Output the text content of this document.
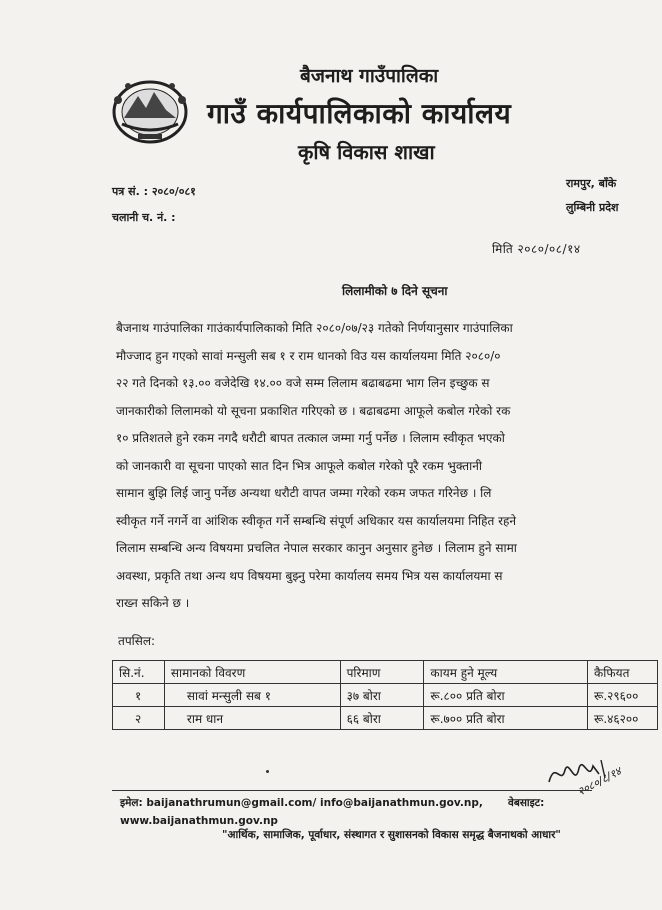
बैजनाथ गाउँपालिका
गाउँ कार्यपालिकाको कार्यालय
कृषि विकास शाखा
पत्र सं. : २०८०/०८१
चलानी च. नं. :
रामपुर, बाँके
लुम्बिनी प्रदेश
मिति २०८०/०८/१४
लिलामीको ७ दिने सूचना
बैजनाथ गाउंपालिका गाउंकार्यपालिकाको मिति २०८०/०७/२३ गतेको निर्णयानुसार गाउंपालिका
मौज्जाद हुन गएको सावां मन्सुली सब १ र राम धानको विउ यस कार्यालयमा मिति २०८०/०
२२ गते दिनको १३.०० वजेदेखि १४.०० वजे सम्म लिलाम बढाबढमा भाग लिन इच्छुक स
जानकारीको लिलामको यो सूचना प्रकाशित गरिएको छ । बढाबढमा आफूले कबोल गरेको रक
१० प्रतिशतले हुने रकम नगदै धरौटी बापत तत्काल जम्मा गर्नु पर्नेछ । लिलाम स्वीकृत भएको
को जानकारी वा सूचना पाएको सात दिन भित्र आफूले कबोल गरेको पूरै रकम भुक्तानी
सामान बुझि लिई जानु पर्नेछ अन्यथा धरौटी वापत जम्मा गरेको रकम जफत गरिनेछ । लि
स्वीकृत गर्ने नगर्ने वा आंशिक स्वीकृत गर्ने सम्बन्धि संपूर्ण अधिकार यस कार्यालयमा निहित रहने
लिलाम सम्बन्धि अन्य विषयमा प्रचलित नेपाल सरकार कानुन अनुसार हुनेछ । लिलाम हुने सामा
अवस्था, प्रकृति तथा अन्य थप विषयमा बुझ्नु परेमा कार्यालय समय भित्र यस कार्यालयमा स
राख्न सकिने छ ।
तपसिल:
सि.नं.	सामानको विवरण	परिमाण	कायम हुने मूल्य	कैफियत
१	सावां मन्सुली सब १	३७ बोरा	रू.८०० प्रति बोरा	रू.२९६००
२	राम धान	६६ बोरा	रू.७०० प्रति बोरा	रू.४६२००
२०८०/८/१४
इमेल: baijanathrumun@gmail.com/ info@baijanathmun.gov.np, वेबसाइट:
www.baijanathmun.gov.np
"आर्थिक, सामाजिक, पूर्वाधार, संस्थागत र सुशासनको विकास समृद्ध बैजनाथको आधार"
